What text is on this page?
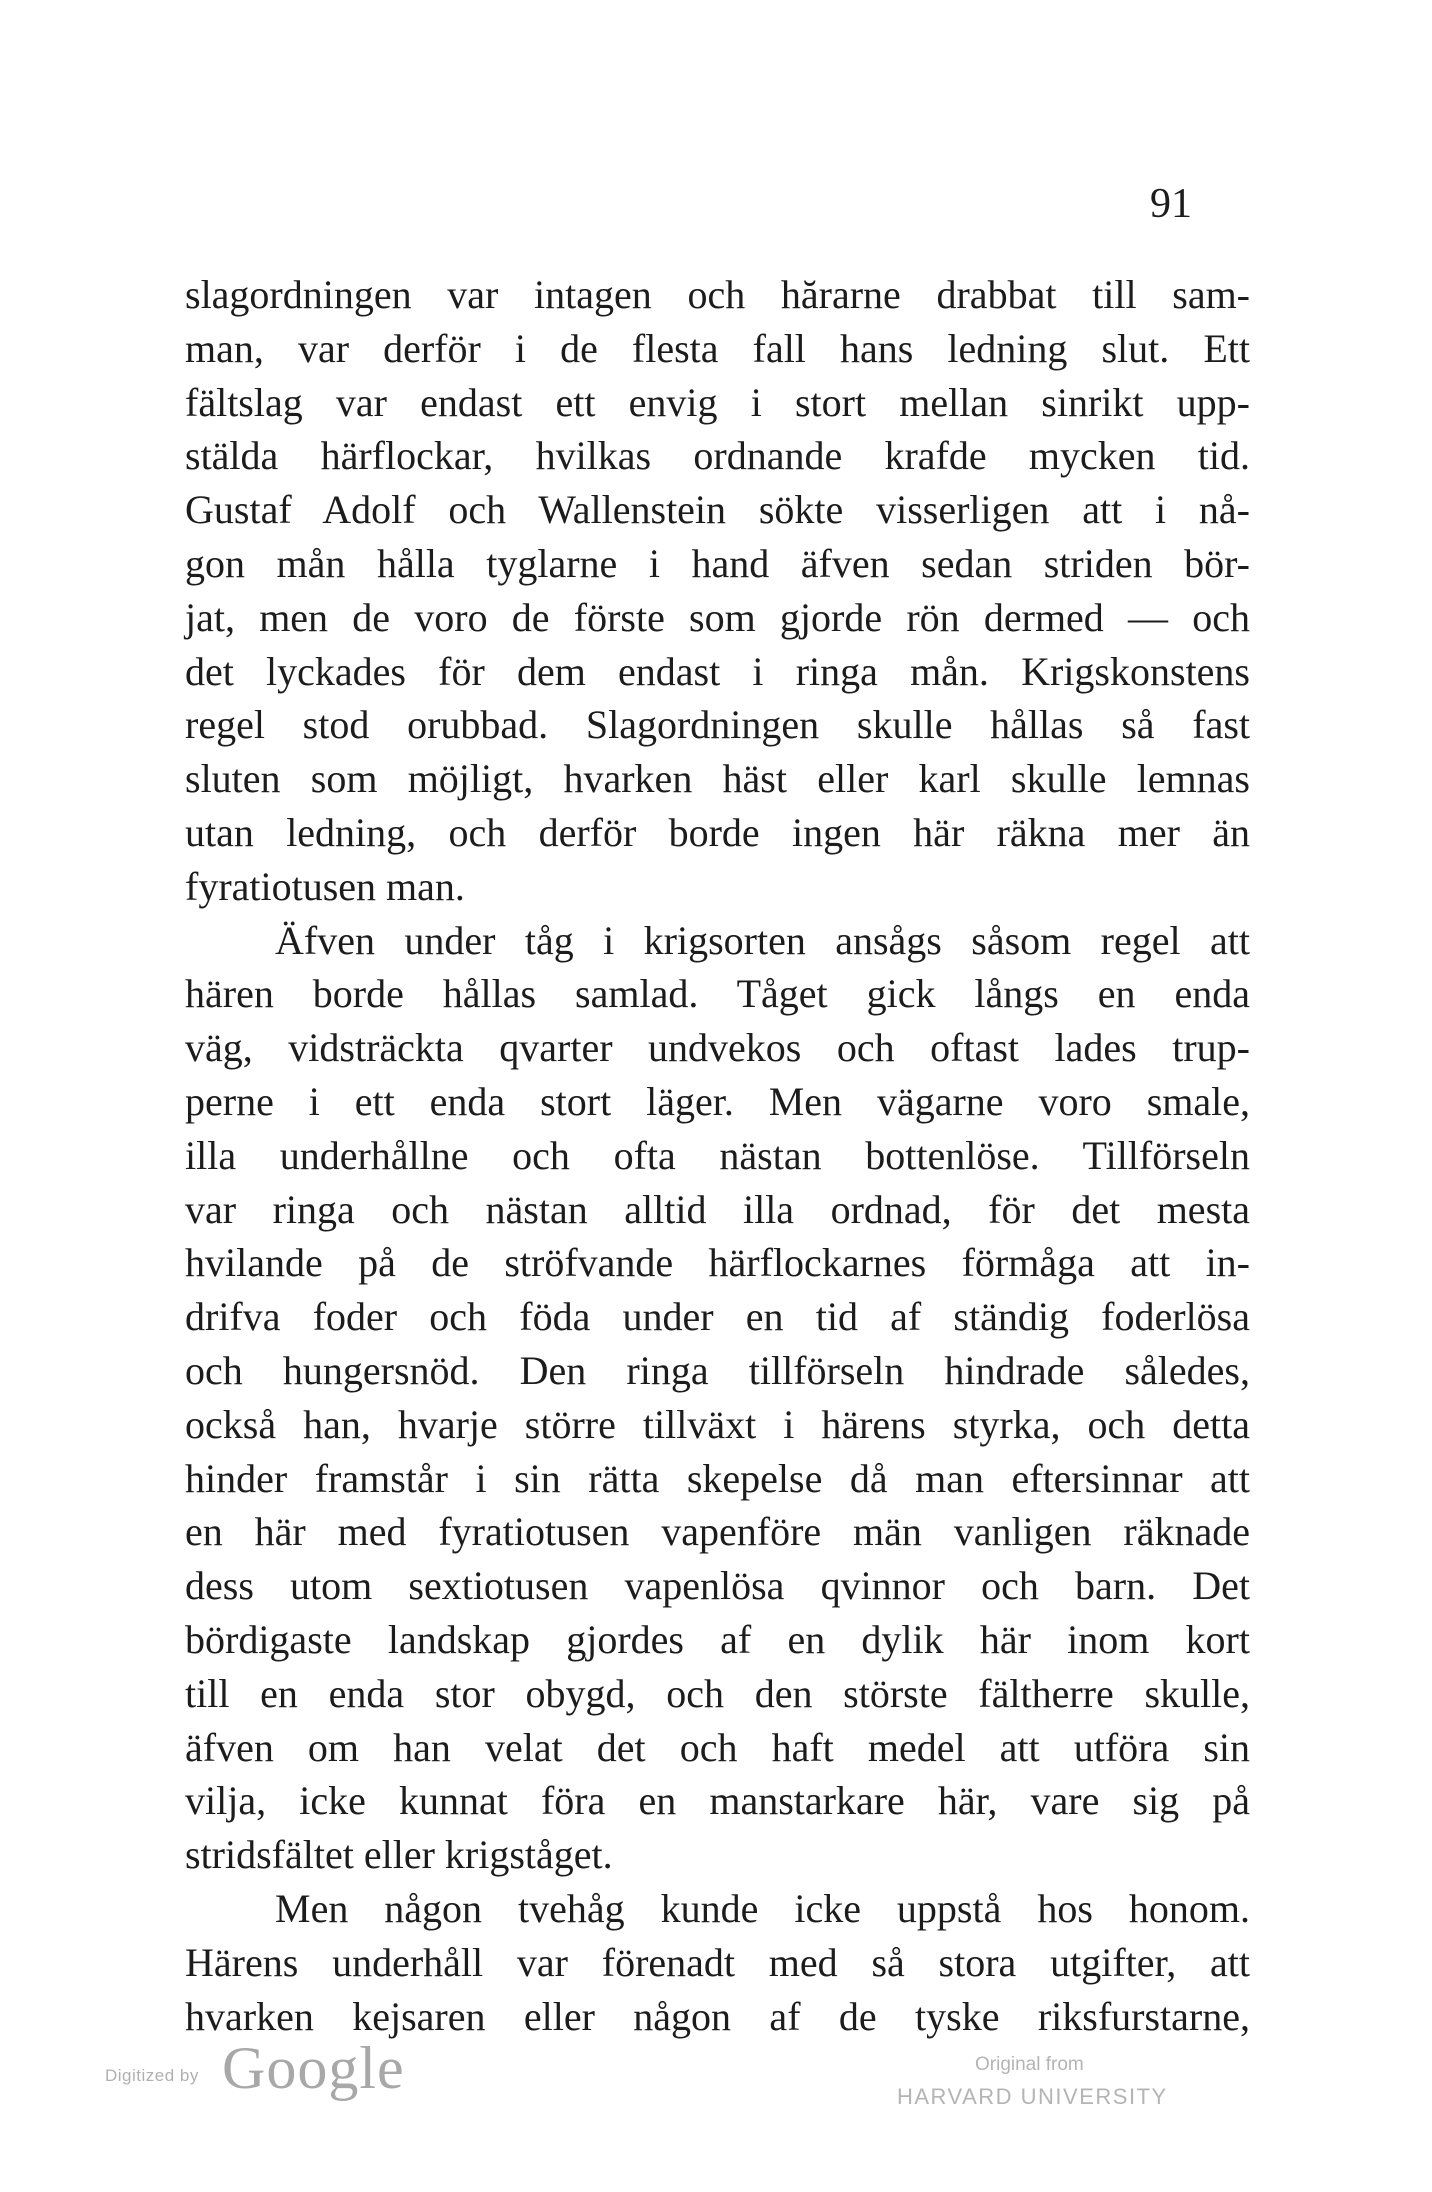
91
slagordningen var intagen och hărarne drabbat till sam-
man, var derför i de flesta fall hans ledning slut. Ett
fältslag var endast ett envig i stort mellan sinrikt upp-
stälda härflockar, hvilkas ordnande krafde mycken tid.
Gustaf Adolf och Wallenstein sökte visserligen att i nå-
gon mån hålla tyglarne i hand äfven sedan striden bör-
jat, men de voro de förste som gjorde rön dermed — och
det lyckades för dem endast i ringa mån. Krigskonstens
regel stod orubbad. Slagordningen skulle hållas så fast
sluten som möjligt, hvarken häst eller karl skulle lemnas
utan ledning, och derför borde ingen här räkna mer än
fyratiotusen man.
Äfven under tåg i krigsorten ansågs såsom regel att
hären borde hållas samlad. Tåget gick långs en enda
väg, vidsträckta qvarter undvekos och oftast lades trup-
perne i ett enda stort läger. Men vägarne voro smale,
illa underhållne och ofta nästan bottenlöse. Tillförseln
var ringa och nästan alltid illa ordnad, för det mesta
hvilande på de ströfvande härflockarnes förmåga att in-
drifva foder och föda under en tid af ständig foderlösa
och hungersnöd. Den ringa tillförseln hindrade således,
också han, hvarje större tillväxt i härens styrka, och detta
hinder framstår i sin rätta skepelse då man eftersinnar att
en här med fyratiotusen vapenföre män vanligen räknade
dess utom sextiotusen vapenlösa qvinnor och barn. Det
bördigaste landskap gjordes af en dylik här inom kort
till en enda stor obygd, och den störste fältherre skulle,
äfven om han velat det och haft medel att utföra sin
vilja, icke kunnat föra en manstarkare här, vare sig på
stridsfältet eller krigståget.
Men någon tvehåg kunde icke uppstå hos honom.
Härens underhåll var förenadt med så stora utgifter, att
hvarken kejsaren eller någon af de tyske riksfurstarne,
Digitized by Google	Original from
HARVARD UNIVERSITY
